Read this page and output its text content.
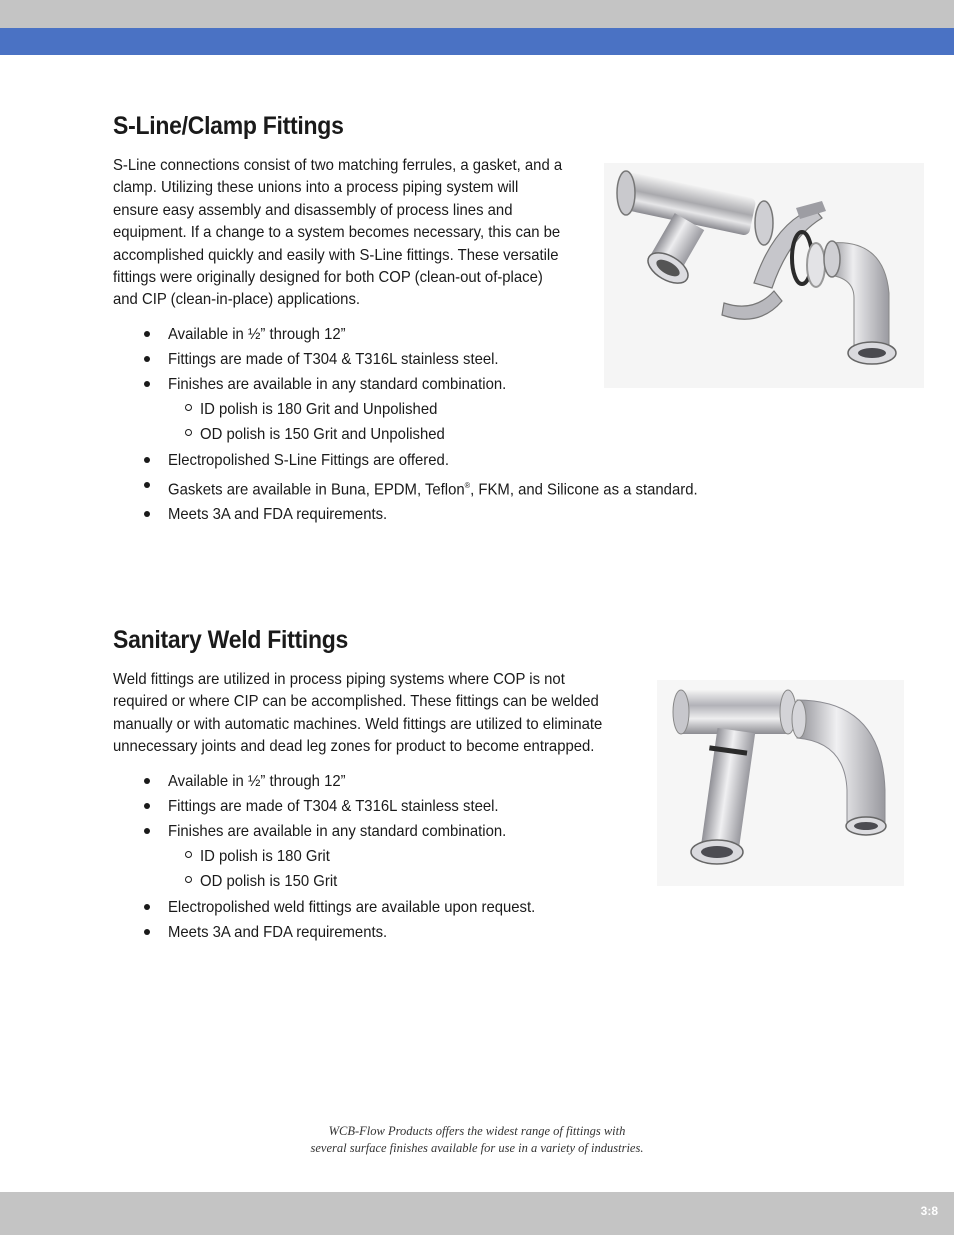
S-Line/Clamp Fittings
S-Line connections consist of two matching ferrules, a gasket, and a
clamp. Utilizing these unions into a process piping system will
ensure easy assembly and disassembly of process lines and
equipment. If a change to a system becomes necessary, this can be
accomplished quickly and easily with S-Line fittings. These versatile
fittings were originally designed for both COP (clean-out of-place)
and CIP (clean-in-place) applications.
Available in ½” through 12”
Fittings are made of T304 & T316L stainless steel.
Finishes are available in any standard combination.
ID polish is 180 Grit and Unpolished
OD polish is 150 Grit and Unpolished
Electropolished S-Line Fittings are offered.
Gaskets are available in Buna, EPDM, Teflon®, FKM, and Silicone as a standard.
Meets 3A and FDA requirements.
Sanitary Weld Fittings
Weld fittings are utilized in process piping systems where COP is not
required or where CIP can be accomplished. These fittings can be welded
manually or with automatic machines. Weld fittings are utilized to eliminate
unnecessary joints and dead leg zones for product to become entrapped.
Available in ½” through 12”
Fittings are made of T304 & T316L stainless steel.
Finishes are available in any standard combination.
ID polish is 180 Grit
OD polish is 150 Grit
Electropolished weld fittings are available upon request.
Meets 3A and FDA requirements.
WCB-Flow Products offers the widest range of fittings with
several surface finishes available for use in a variety of industries.
3:8
